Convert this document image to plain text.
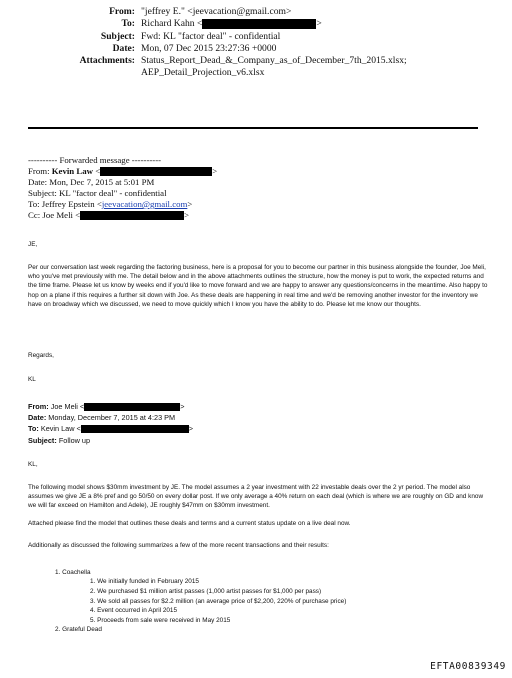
From: "jeffrey E." <jeevacation@gmail.com>
To: Richard Kahn <	>
Subject: Fwd: KL "factor deal" - confidential
Date: Mon, 07 Dec 2015 23:27:36 +0000
Attachments: Status_Report_Dead_&_Company_as_of_December_7th_2015.xlsx;
AEP_Detail_Projection_v6.xlsx
---------- Forwarded message ----------
From: Kevin Law <	>
Date: Mon, Dec 7, 2015 at 5:01 PM
Subject: KL "factor deal" - confidential
To: Jeffrey Epstein <jeevacation@gmail.com>
Cc: Joe Meli <	>

JE,

Per our conversation last week regarding the factoring business, here is a proposal for you to become our partner in this business alongside the founder, Joe Meli, who you've met previously with me. The detail below and in the above attachments outlines the structure, how the money is put to work, the expected returns and the time frame. Please let us know by weeks end if you'd like to move forward and we are happy to answer any questions/concerns in the meantime. Also happy to hop on a plane if this requires a further sit down with Joe. As these deals are happening in real time and we'd be removing another investor for the inventory we have on broadway which we discussed, we need to move quickly which I know you have the ability to do. Please let me know our thoughts.

Regards,

KL

From: Joe Meli <	>
Date: Monday, December 7, 2015 at 4:23 PM
To: Kevin Law <	>
Subject: Follow up

KL,

The following model shows $30mm investment by JE. The model assumes a 2 year investment with 22 investable deals over the 2 yr period. The model also assumes we give JE a 8% pref and go 50/50 on every dollar post. If we only average a 40% return on each deal (which is where we are roughly on GD and know we will far exceed on Hamilton and Adele), JE roughly $47mm on $30mm investment.

Attached please find the model that outlines these deals and terms and a current status update on a live deal now.

Additionally as discussed the following summarizes a few of the more recent transactions and their results:

1. Coachella
1. We initially funded in February 2015
2. We purchased $1 million artist passes (1,000 artist passes for $1,000 per pass)
3. We sold all passes for $2.2 million (an average price of $2,200, 220% of purchase price)
4. Event occurred in April 2015
5. Proceeds from sale were received in May 2015
2. Grateful Dead
EFTA00839349
